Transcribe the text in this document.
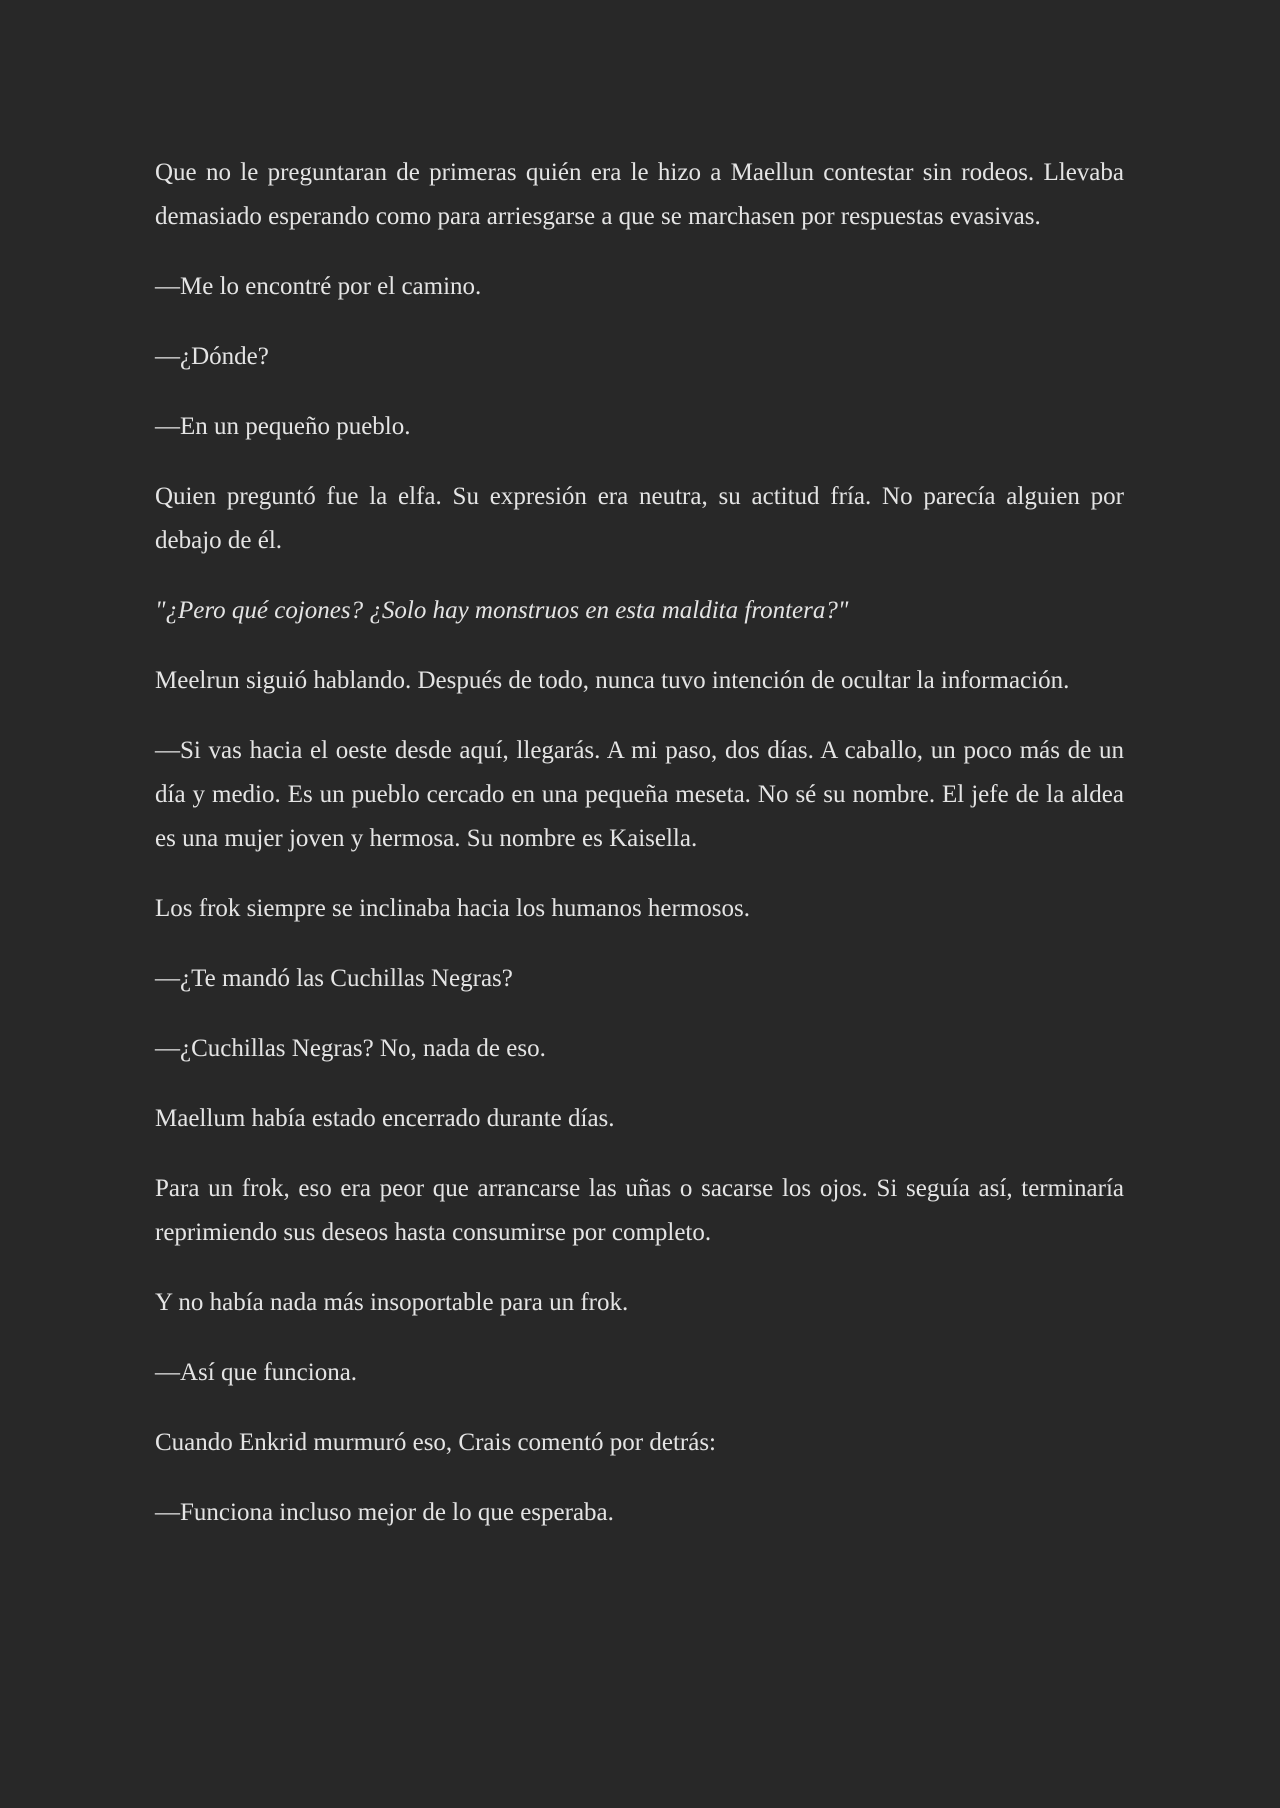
Que no le preguntaran de primeras quién era le hizo a Maellun contestar sin rodeos. Llevaba demasiado esperando como para arriesgarse a que se marchasen por respuestas evasivas.

—Me lo encontré por el camino.

—¿Dónde?

—En un pequeño pueblo.

Quien preguntó fue la elfa. Su expresión era neutra, su actitud fría. No parecía alguien por debajo de él.

"¿Pero qué cojones? ¿Solo hay monstruos en esta maldita frontera?"

Meelrun siguió hablando. Después de todo, nunca tuvo intención de ocultar la información.

—Si vas hacia el oeste desde aquí, llegarás. A mi paso, dos días. A caballo, un poco más de un día y medio. Es un pueblo cercado en una pequeña meseta. No sé su nombre. El jefe de la aldea es una mujer joven y hermosa. Su nombre es Kaisella.

Los frok siempre se inclinaba hacia los humanos hermosos.

—¿Te mandó las Cuchillas Negras?

—¿Cuchillas Negras? No, nada de eso.

Maellum había estado encerrado durante días.

Para un frok, eso era peor que arrancarse las uñas o sacarse los ojos. Si seguía así, terminaría reprimiendo sus deseos hasta consumirse por completo.

Y no había nada más insoportable para un frok.

—Así que funciona.

Cuando Enkrid murmuró eso, Crais comentó por detrás:

—Funciona incluso mejor de lo que esperaba.
